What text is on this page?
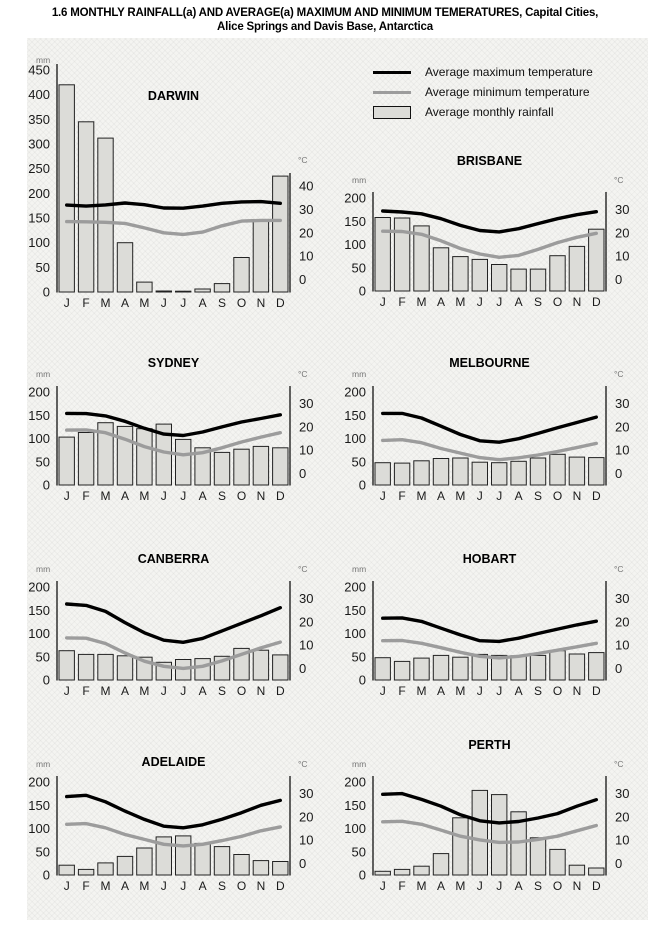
1.6 MONTHLY RAINFALL(a) AND AVERAGE(a) MAXIMUM AND MINIMUM TEMERATURES, Capital Cities,
Alice Springs and Davis Base, Antarctica
Average maximum temperature
Average minimum temperature
Average monthly rainfall
0
50
100
150
200
250
300
350
400
450
0
10
20
30
40
mm
°C
J F M A M J J A S O N D
DARWIN
0
50
100
150
200
0
10
20
30
mm	°C
J F M A M J J A S O N D
BRISBANE
0
50
100
150
200
0
10
20
30
mm	°C
J F M A M J J A S O N D
SYDNEY
0
50
100
150
200
0
10
20
30
mm	°C
J F M A M J J A S O N D
MELBOURNE
0
50
100
150
200
0
10
20
30
mm	°C
J F M A M J J A S O N D
CANBERRA
0
50
100
150
200
0
10
20
30
mm	°C
J F M A M J J A S O N D
HOBART
0
50
100
150
200
0
10
20
30
mm	°C
J F M A M J J A S O N D
ADELAIDE
0
50
100
150
200
0
10
20
30
mm	°C
J F M A M J J A S O N D
PERTH
